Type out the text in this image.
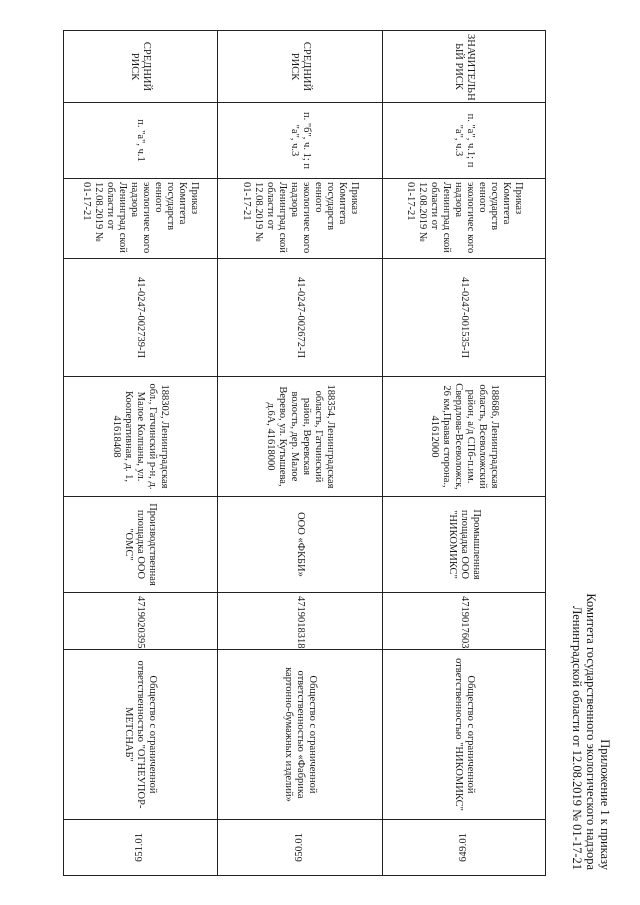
Приложение 1 к приказу
Комитета государственного экологического надзора
Ленинградской области от 12.08.2019 № 01-17-21
ЗНАЧИТЕЛЬН ЫЙ РИСК	п. "а", ч.1; п "а", ч.3	Приказ Комитета государств енного экологичес кого надзора Ленинград ской области от 12.08.2019 № 01-17-21	41-0247-001535-П	188686, Ленинградская область, Всеволожский район, а/д СПб-п.им. Свердлова-Всеволожск, 26 км,Правая сторона., 41612000	Промышленная площадка ООО "НИКОМИКС"	4719017603	Общество с ограниченной ответственностью "НИКОМИКС"	649.01
СРЕДНИЙ РИСК	п. "б", ч. 1; п "а", ч.3	Приказ Комитета государств енного экологичес кого надзора Ленинград ской области от 12.08.2019 № 01-17-21	41-0247-002672-П	188354, Ленинградская область, Гатчинский район, Веревская волость, дер. Малое Верево, ул. Кутышева, д.6А, 41618000	ООО «ФКБИ»	4719018318	Общество с ограниченной ответственностью «Фабрика картонно-бумажных изделий»	650.01
СРЕДНИЙ РИСК	п. "а", ч.1	Приказ Комитета государств енного экологичес кого надзора Ленинград ской области от 12.08.2019 № 01-17-21	41-0247-002739-П	188302, Ленинградская обл., Гатчинский р-н, д. Малое Колпаны, ул. Кооперативная, д. 1, 41618408	Производственная площадка ООО "ОМС"	4719020395	Общество с ограниченной ответственностью "ОГНЕУПОР-МЕТСНАБ"	651.01
